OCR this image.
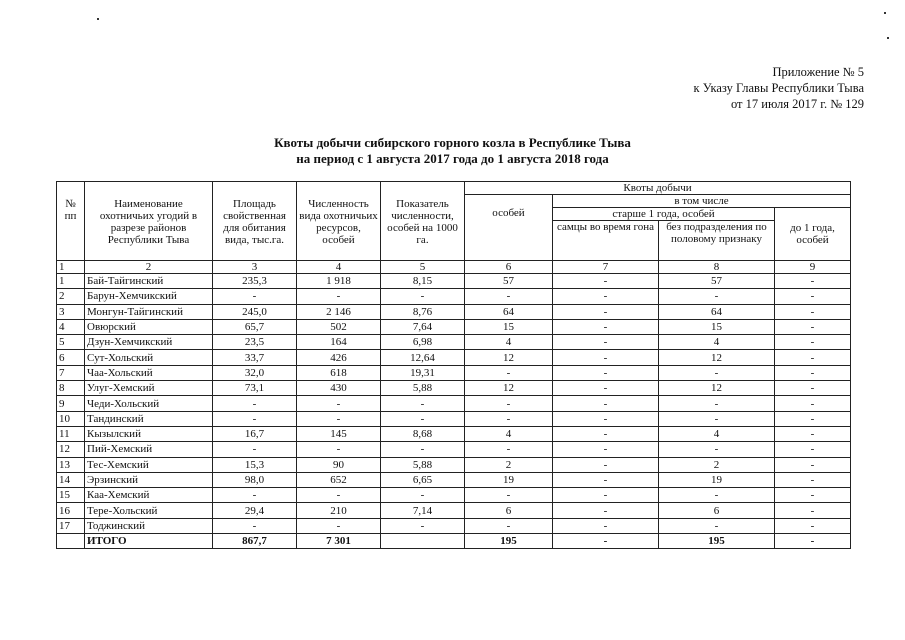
Приложение № 5
к Указу Главы Республики Тыва
от 17 июля 2017 г. № 129
Квоты добычи сибирского горного козла в Республике Тыва
на период с 1 августа 2017 года до 1 августа 2018 года
№ пп	Наименование охотничьих угодий в разрезе районов Республики Тыва	Площадь свойственная для обитания вида, тыс.га.	Численность вида охотничьих ресурсов, особей	Показатель численности, особей на 1000 га.	Квоты добычи			
					особей	в том числе		
						старше 1 года, особей		до 1 года, особей
						самцы во время гона	без подразделения по половому признаку	
1	2	3	4	5	6	7	8	9
1	Бай-Тайгинский	235,3	1 918	8,15	57	-	57	-
2	Барун-Хемчикский	-	-	-	-	-	-	-
3	Монгун-Тайгинский	245,0	2 146	8,76	64	-	64	-
4	Овюрский	65,7	502	7,64	15	-	15	-
5	Дзун-Хемчикский	23,5	164	6,98	4	-	4	-
6	Сут-Хольский	33,7	426	12,64	12	-	12	-
7	Чаа-Хольский	32,0	618	19,31	-	-	-	-
8	Улуг-Хемский	73,1	430	5,88	12	-	12	-
9	Чеди-Хольский	-	-	-	-	-	-	-
10	Тандинский	-	-	-	-	-	-	-
11	Кызылский	16,7	145	8,68	4	-	4	-
12	Пий-Хемский	-	-	-	-	-	-	-
13	Тес-Хемский	15,3	90	5,88	2	-	2	-
14	Эрзинский	98,0	652	6,65	19	-	19	-
15	Каа-Хемский	-	-	-	-	-	-	-
16	Тере-Хольский	29,4	210	7,14	6	-	6	-
17	Тоджинский	-	-	-	-	-	-	-
	ИТОГО	867,7	7 301		195	-	195	-
